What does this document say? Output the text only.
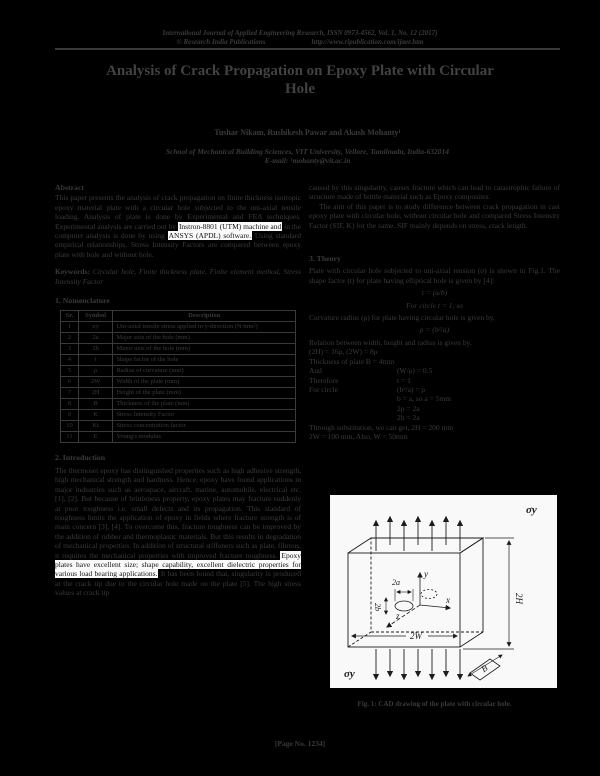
International Journal of Applied Engineering Research, ISSN 0973-4562, Vol. 1, No. 12 (2017)
© Research India Publications	http://www.ripublication.com/ijaer.htm
Analysis of Crack Propagation on Epoxy Plate with Circular Hole
Tushar Nikam, Rushikesh Pawar and Akash Mohanty¹
School of Mechanical Building Sciences, VIT University, Vellore, Tamilnadu, India-632014
E-mail: ¹mohanty@vit.ac.in
Abstract

This paper presents the analysis of crack propagation on finite thickness isotropic epoxy material plate with a circular hole subjected to the uni-axial tensile loading. Analysis of plate is done by Experimental and FEA techniques. Experimental analysis are carried out by Instron-8801 (UTM) machine and in the computer analysis is done by using ANSYS (APDL) software. Using standard empirical relationships, Stress Intensity Factors are compared between epoxy plate with hole and without hole.

Keywords: Circular hole, Finite thickness plate, Finite element method, Stress Intensity Factor

1. Nomenclature
Sr.	Symbol	Description
1	σy	Uni-axial tensile stress applied in y-direction (N/mm²)
2	2a	Major axis of the hole (mm)
3	2b	Minor axis of the hole (mm)
4	t	Shape factor of the hole
5	ρ	Radius of curvature (mm)
6	2W	Width of the plate (mm)
7	2H	Height of the plate (mm)
8	B	Thickness of the plate (mm)
9	K	Stress Intensity Factor
10	Kt	Stress concentration factor
11	E	Young's modulus
2. Introduction

The thermoset epoxy has distinguished properties such as high adhesive strength, high mechanical strength and hardness. Hence, epoxy have found applications in major industries such as aerospace, aircraft, marine, automobile, electrical etc. [1], [2]. But because of brittleness property, epoxy plates may fracture suddenly at poor toughness i.e. small defects and its propagation. This standard of toughness limits the application of epoxy in fields where fracture strength is of main concern [3], [4]. To overcome this, fracture toughness can be improved by the addition of rubber and thermoplastic materials. But this results in degradation of mechanical properties. In addition of structural stiffeners such as plate, fibrous, it requires the mechanical properties with improved fracture toughness. Epoxy plates have excellent size; shape capability, excellent dielectric properties for various load bearing applications. It has been found that, singularity is produced at the crack tip due to the circular hole made on the plate [5]. The high stress values at crack tip

caused by this singularity, causes fracture which can lead to catastrophic failure of structure made of brittle material such as Epoxy composites.

The aim of this paper is to study difference between crack propagation in cast epoxy plate with circular hole, without circular hole and compared Stress Intensity Factor (SIF, K) for the same. SIF mainly depends on stress, crack length.

3. Theory

Plate with circular hole subjected to uni-axial tension (σ) is shown in Fig.1. The shape factor (t) for plate having elliptical hole is given by [4]:

t = (a/b)
For circle t = 1, so

Curvature radius (ρ) for plate having circular hole is given by,

ρ = (b²/a)

Relation between width, height and radius is given by,

(2H) = 16ρ, (2W) = 8ρ

Thickness of plate B = 4mm

And	(W/ρ) = 0.5
Therefore	t = 1
For circle	(b²/a) = ρ
b = a, so a = 5mm
2ρ = 2a
2b = 2a

Through substitution, we can get, 2H = 200 mm

2W = 100 mm, Also, W = 50mm

σy
σy
2H
2W
2a
2b
y
x
z
B
Fig. 1: CAD drawing of the plate with circular hole.
[Page No. 1234]
